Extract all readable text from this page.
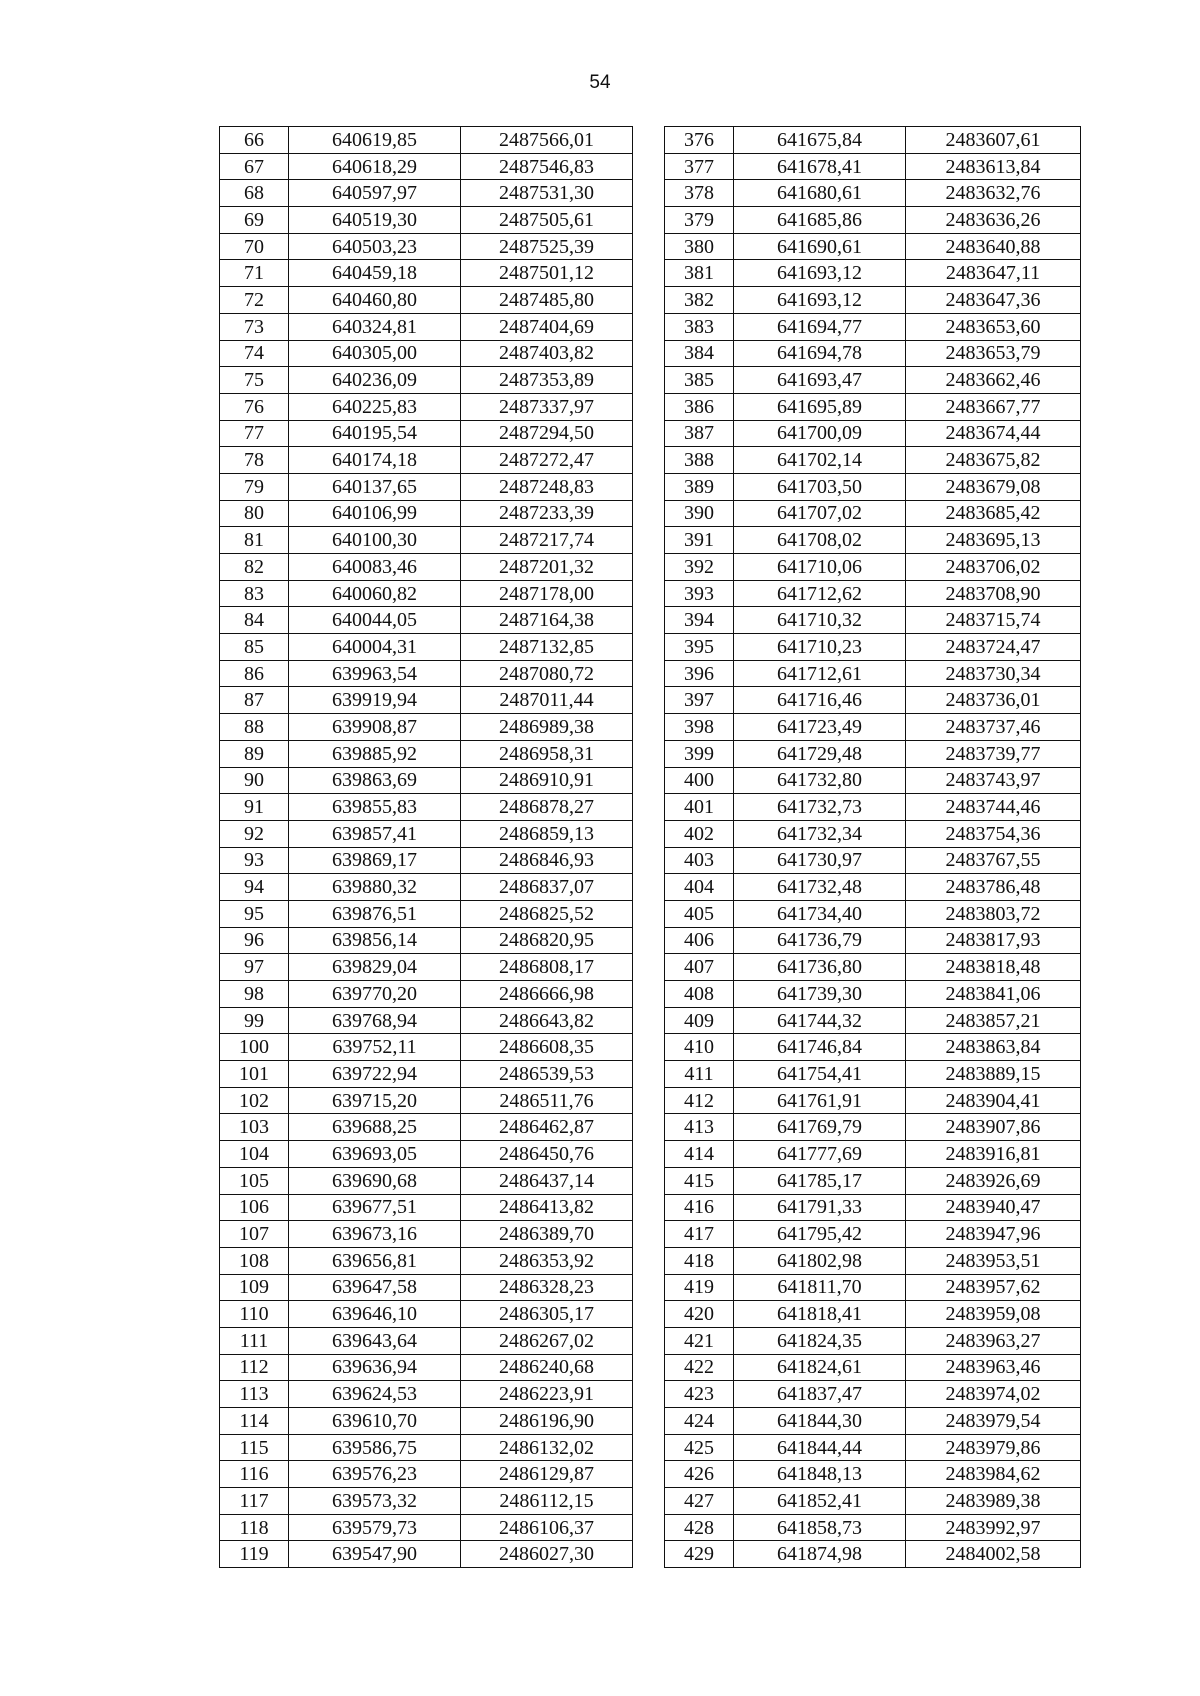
54
66	640619,85	2487566,01		376	641675,84	2483607,61
67	640618,29	2487546,83		377	641678,41	2483613,84
68	640597,97	2487531,30		378	641680,61	2483632,76
69	640519,30	2487505,61		379	641685,86	2483636,26
70	640503,23	2487525,39		380	641690,61	2483640,88
71	640459,18	2487501,12		381	641693,12	2483647,11
72	640460,80	2487485,80		382	641693,12	2483647,36
73	640324,81	2487404,69		383	641694,77	2483653,60
74	640305,00	2487403,82		384	641694,78	2483653,79
75	640236,09	2487353,89		385	641693,47	2483662,46
76	640225,83	2487337,97		386	641695,89	2483667,77
77	640195,54	2487294,50		387	641700,09	2483674,44
78	640174,18	2487272,47		388	641702,14	2483675,82
79	640137,65	2487248,83		389	641703,50	2483679,08
80	640106,99	2487233,39		390	641707,02	2483685,42
81	640100,30	2487217,74		391	641708,02	2483695,13
82	640083,46	2487201,32		392	641710,06	2483706,02
83	640060,82	2487178,00		393	641712,62	2483708,90
84	640044,05	2487164,38		394	641710,32	2483715,74
85	640004,31	2487132,85		395	641710,23	2483724,47
86	639963,54	2487080,72		396	641712,61	2483730,34
87	639919,94	2487011,44		397	641716,46	2483736,01
88	639908,87	2486989,38		398	641723,49	2483737,46
89	639885,92	2486958,31		399	641729,48	2483739,77
90	639863,69	2486910,91		400	641732,80	2483743,97
91	639855,83	2486878,27		401	641732,73	2483744,46
92	639857,41	2486859,13		402	641732,34	2483754,36
93	639869,17	2486846,93		403	641730,97	2483767,55
94	639880,32	2486837,07		404	641732,48	2483786,48
95	639876,51	2486825,52		405	641734,40	2483803,72
96	639856,14	2486820,95		406	641736,79	2483817,93
97	639829,04	2486808,17		407	641736,80	2483818,48
98	639770,20	2486666,98		408	641739,30	2483841,06
99	639768,94	2486643,82		409	641744,32	2483857,21
100	639752,11	2486608,35		410	641746,84	2483863,84
101	639722,94	2486539,53		411	641754,41	2483889,15
102	639715,20	2486511,76		412	641761,91	2483904,41
103	639688,25	2486462,87		413	641769,79	2483907,86
104	639693,05	2486450,76		414	641777,69	2483916,81
105	639690,68	2486437,14		415	641785,17	2483926,69
106	639677,51	2486413,82		416	641791,33	2483940,47
107	639673,16	2486389,70		417	641795,42	2483947,96
108	639656,81	2486353,92		418	641802,98	2483953,51
109	639647,58	2486328,23		419	641811,70	2483957,62
110	639646,10	2486305,17		420	641818,41	2483959,08
111	639643,64	2486267,02		421	641824,35	2483963,27
112	639636,94	2486240,68		422	641824,61	2483963,46
113	639624,53	2486223,91		423	641837,47	2483974,02
114	639610,70	2486196,90		424	641844,30	2483979,54
115	639586,75	2486132,02		425	641844,44	2483979,86
116	639576,23	2486129,87		426	641848,13	2483984,62
117	639573,32	2486112,15		427	641852,41	2483989,38
118	639579,73	2486106,37		428	641858,73	2483992,97
119	639547,90	2486027,30		429	641874,98	2484002,58
